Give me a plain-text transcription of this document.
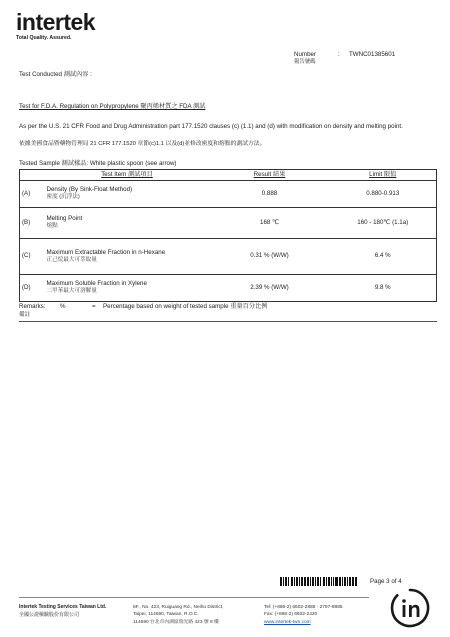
intertek
Total Quality. Assured.
Number	: TWNC01385601
報告號碼
Test Conducted 測試內容 :
Test for F.D.A. Regulation on Polypropylene 聚丙烯材質之 FDA 測試
As per the U.S. 21 CFR Food and Drug Administration part 177.1520 clauses (c) (1.1) and (d) with modification on density and melting point.
依據美國食品暨藥物管理局 21 CFR 177.1520 章節(c)1.1 以及(d)並修改密度和熔點的測試方法。
Tested Sample 測試樣品: White plastic spoon (see arrow)
	Test Item 測試項目	Result 結果	Limit 限值
(A)	Density (By Sink-Float Method)
密度 (沉浮法)	0.888	0.880-0.913
(B)	Melting Point
熔點	168 ℃	160 - 180℃ (1.1a)
(C)	Maximum Extractable Fraction in n-Hexane
正己烷最大可萃取量	0.31 % (W/W)	6.4 %
(D)	Maximum Soluble Fraction in Xylene
二甲苯最大可溶解量	2.39 % (W/W)	9.8 %
Remarks: %	= Percentage based on weight of tested sample 重量百分比例
備註
Page 3 of 4
Intertek Testing Services Taiwan Ltd.
全國公證檢驗股份有限公司
8F., No. 423, Ruiguang Rd., Neihu District,
Taipei, 114690, Taiwan, R.O.C.
114690 台北市內湖區瑞光路 423 號 8 樓
Tel: (+886-2) 6602-2888 · 2797-8885
Fax: (+886-2) 6602-2420
www.intertek-twn.com
